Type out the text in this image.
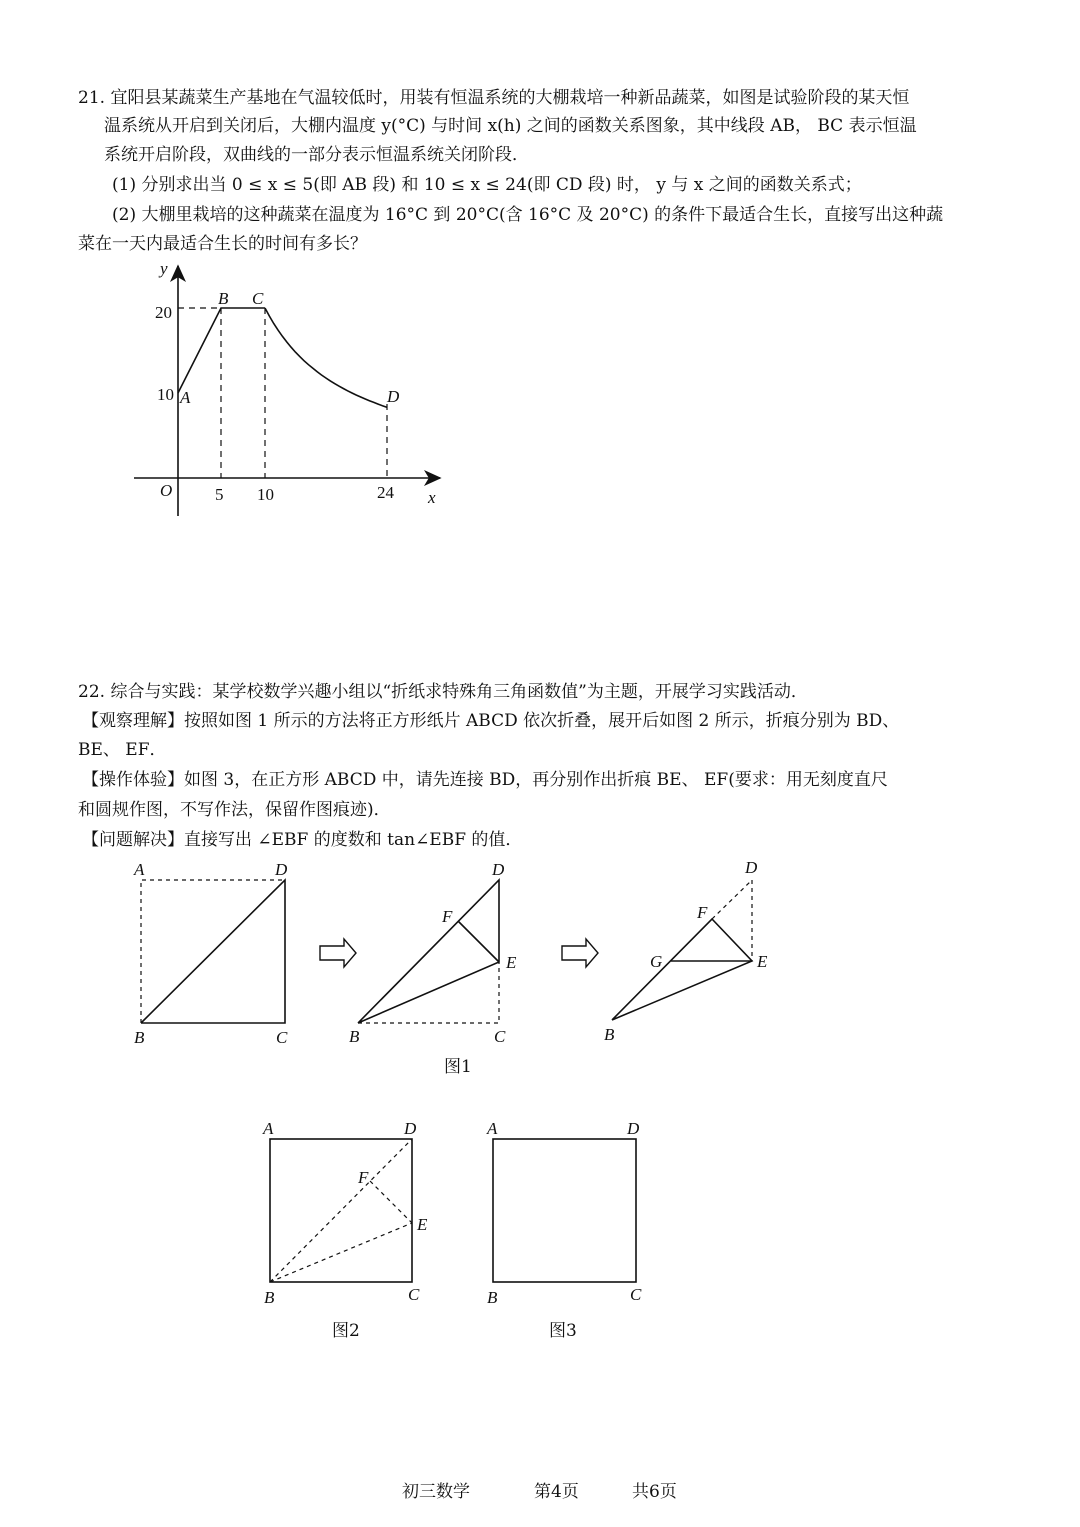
21. 宜阳县某蔬菜生产基地在气温较低时，用装有恒温系统的大棚栽培一种新品蔬菜，如图是试验阶段的某天恒
温系统从开启到关闭后，大棚内温度 y(°C) 与时间 x(h) 之间的函数关系图象，其中线段 AB， BC 表示恒温
系统开启阶段，双曲线的一部分表示恒温系统关闭阶段．
(1) 分别求出当 0 ≤ x ≤ 5(即 AB 段) 和 10 ≤ x ≤ 24(即 CD 段) 时， y 与 x 之间的函数关系式；
(2) 大棚里栽培的这种蔬菜在温度为 16°C 到 20°C(含 16°C 及 20°C) 的条件下最适合生长，直接写出这种蔬
菜在一天内最适合生长的时间有多长？
y
x
O
20
10
5 10	24
A
B C
D
22. 综合与实践：某学校数学兴趣小组以“折纸求特殊角三角函数值”为主题，开展学习实践活动．
【观察理解】按照如图 1 所示的方法将正方形纸片 ABCD 依次折叠，展开后如图 2 所示，折痕分别为 BD、
BE、 EF．
【操作体验】如图 3，在正方形 ABCD 中，请先连接 BD，再分别作出折痕 BE、 EF(要求：用无刻度直尺
和圆规作图，不写作法，保留作图痕迹)．
【问题解决】直接写出 ∠EBF 的度数和 tan∠EBF 的值．
A	D
B	C
D
F
E
B	C
D
F
G	E
B
图1
A	D
F
E
B	C
A	D
B	C
图2	图3
初三数学	第4页	共6页
